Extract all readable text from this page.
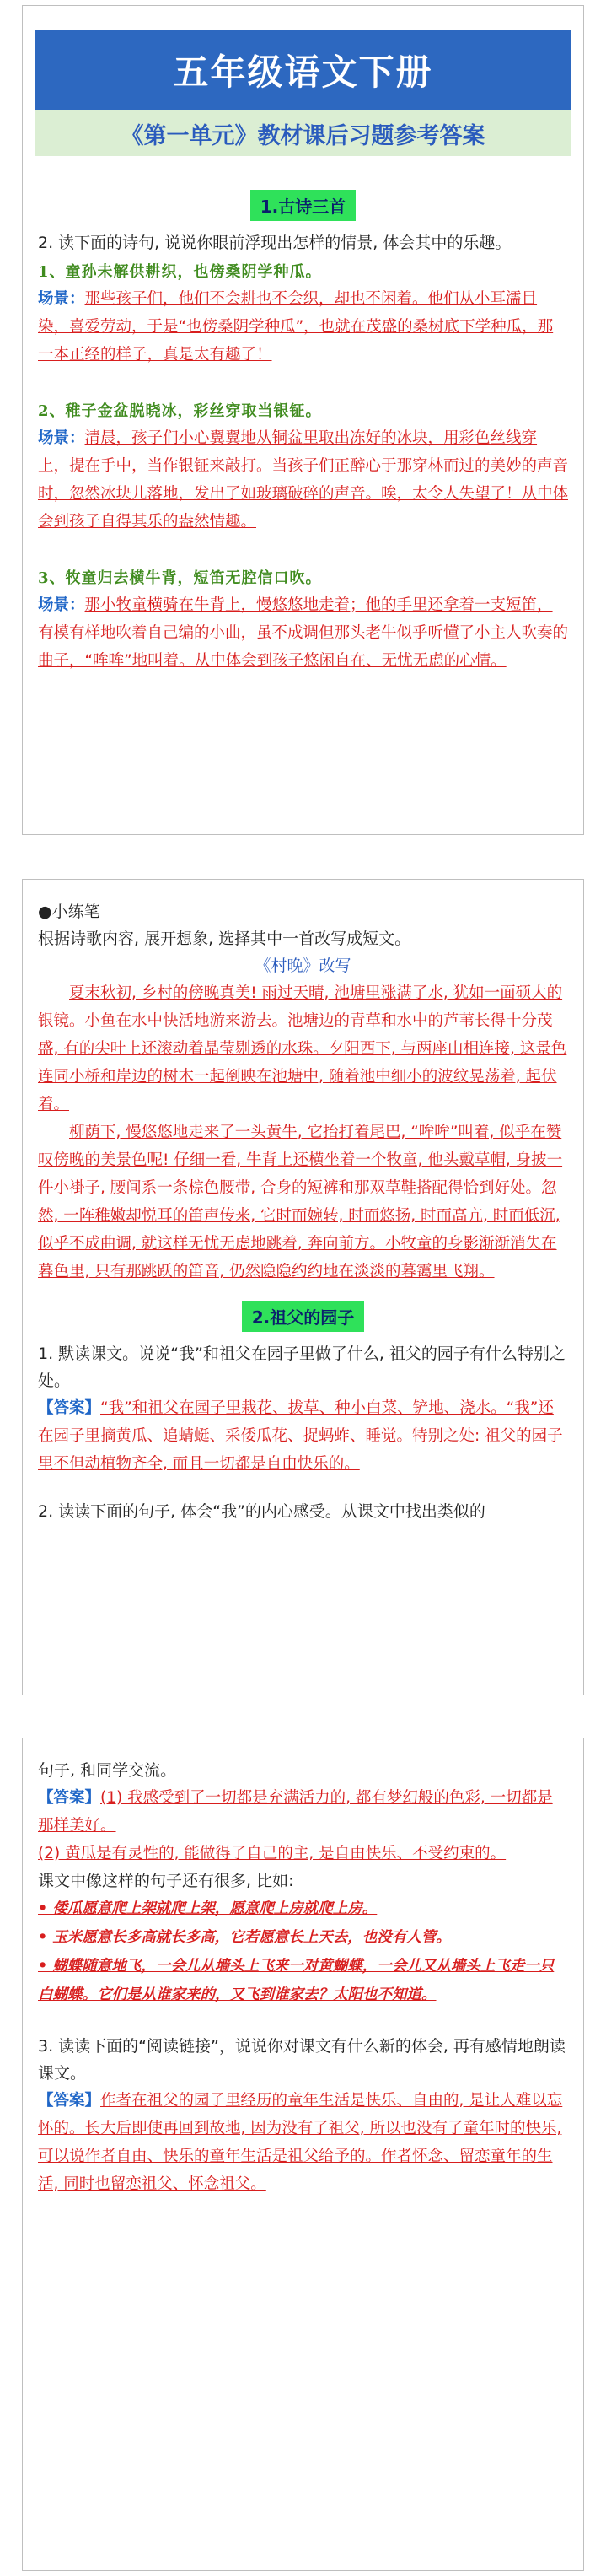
五年级语文下册
《第一单元》教材课后习题参考答案
1.古诗三首

2. 读下面的诗句, 说说你眼前浮现出怎样的情景, 体会其中的乐趣。

1、童孙未解供耕织，也傍桑阴学种瓜。

场景：那些孩子们，他们不会耕也不会织，却也不闲着。他们从小耳濡目染，喜爱劳动，于是“也傍桑阴学种瓜”，也就在茂盛的桑树底下学种瓜，那一本正经的样子，真是太有趣了！

2、稚子金盆脱晓冰，彩丝穿取当银钲。

场景：清晨，孩子们小心翼翼地从铜盆里取出冻好的冰块，用彩色丝线穿上，提在手中，当作银钲来敲打。当孩子们正醉心于那穿林而过的美妙的声音时，忽然冰块儿落地，发出了如玻璃破碎的声音。唉，太令人失望了！从中体会到孩子自得其乐的盎然情趣。

3、牧童归去横牛背，短笛无腔信口吹。

场景：那小牧童横骑在牛背上，慢悠悠地走着；他的手里还拿着一支短笛，有模有样地吹着自己编的小曲，虽不成调但那头老牛似乎听懂了小主人吹奏的曲子，“哞哞”地叫着。从中体会到孩子悠闲自在、无忧无虑的心情。

●小练笔

根据诗歌内容, 展开想象, 选择其中一首改写成短文。

《村晚》改写

夏末秋初, 乡村的傍晚真美! 雨过天晴, 池塘里涨满了水, 犹如一面硕大的银镜。小鱼在水中快活地游来游去。池塘边的青草和水中的芦苇长得十分茂盛, 有的尖叶上还滚动着晶莹剔透的水珠。夕阳西下, 与两座山相连接, 这景色连同小桥和岸边的树木一起倒映在池塘中, 随着池中细小的波纹晃荡着, 起伏着。

柳荫下, 慢悠悠地走来了一头黄牛, 它抬打着尾巴, “哞哞”叫着, 似乎在赞叹傍晚的美景色呢! 仔细一看, 牛背上还横坐着一个牧童, 他头戴草帽, 身披一件小褂子, 腰间系一条棕色腰带, 合身的短裤和那双草鞋搭配得恰到好处。忽然, 一阵稚嫩却悦耳的笛声传来, 它时而婉转, 时而悠扬, 时而高亢, 时而低沉, 似乎不成曲调, 就这样无忧无虑地跳着, 奔向前方。小牧童的身影渐渐消失在暮色里, 只有那跳跃的笛音, 仍然隐隐约约地在淡淡的暮霭里飞翔。

2.祖父的园子

1. 默读课文。说说“我”和祖父在园子里做了什么, 祖父的园子有什么特别之处。

【答案】“我”和祖父在园子里栽花、拔草、种小白菜、铲地、浇水。“我”还在园子里摘黄瓜、追蜻蜓、采倭瓜花、捉蚂蚱、睡觉。特别之处: 祖父的园子里不但动植物齐全, 而且一切都是自由快乐的。

2. 读读下面的句子, 体会“我”的内心感受。从课文中找出类似的

句子, 和同学交流。

【答案】(1) 我感受到了一切都是充满活力的, 都有梦幻般的色彩, 一切都是那样美好。

(2) 黄瓜是有灵性的, 能做得了自己的主, 是自由快乐、不受约束的。

课文中像这样的句子还有很多, 比如:

• 倭瓜愿意爬上架就爬上架，愿意爬上房就爬上房。

• 玉米愿意长多高就长多高，它若愿意长上天去，也没有人管。

• 蝴蝶随意地飞，一会儿从墙头上飞来一对黄蝴蝶，一会儿又从墙头上飞走一只白蝴蝶。它们是从谁家来的，又飞到谁家去？太阳也不知道。

3. 读读下面的“阅读链接”，说说你对课文有什么新的体会, 再有感情地朗读课文。

【答案】作者在祖父的园子里经历的童年生活是快乐、自由的, 是让人难以忘怀的。长大后即使再回到故地, 因为没有了祖父, 所以也没有了童年时的快乐, 可以说作者自由、快乐的童年生活是祖父给予的。作者怀念、留恋童年的生活, 同时也留恋祖父、怀念祖父。
